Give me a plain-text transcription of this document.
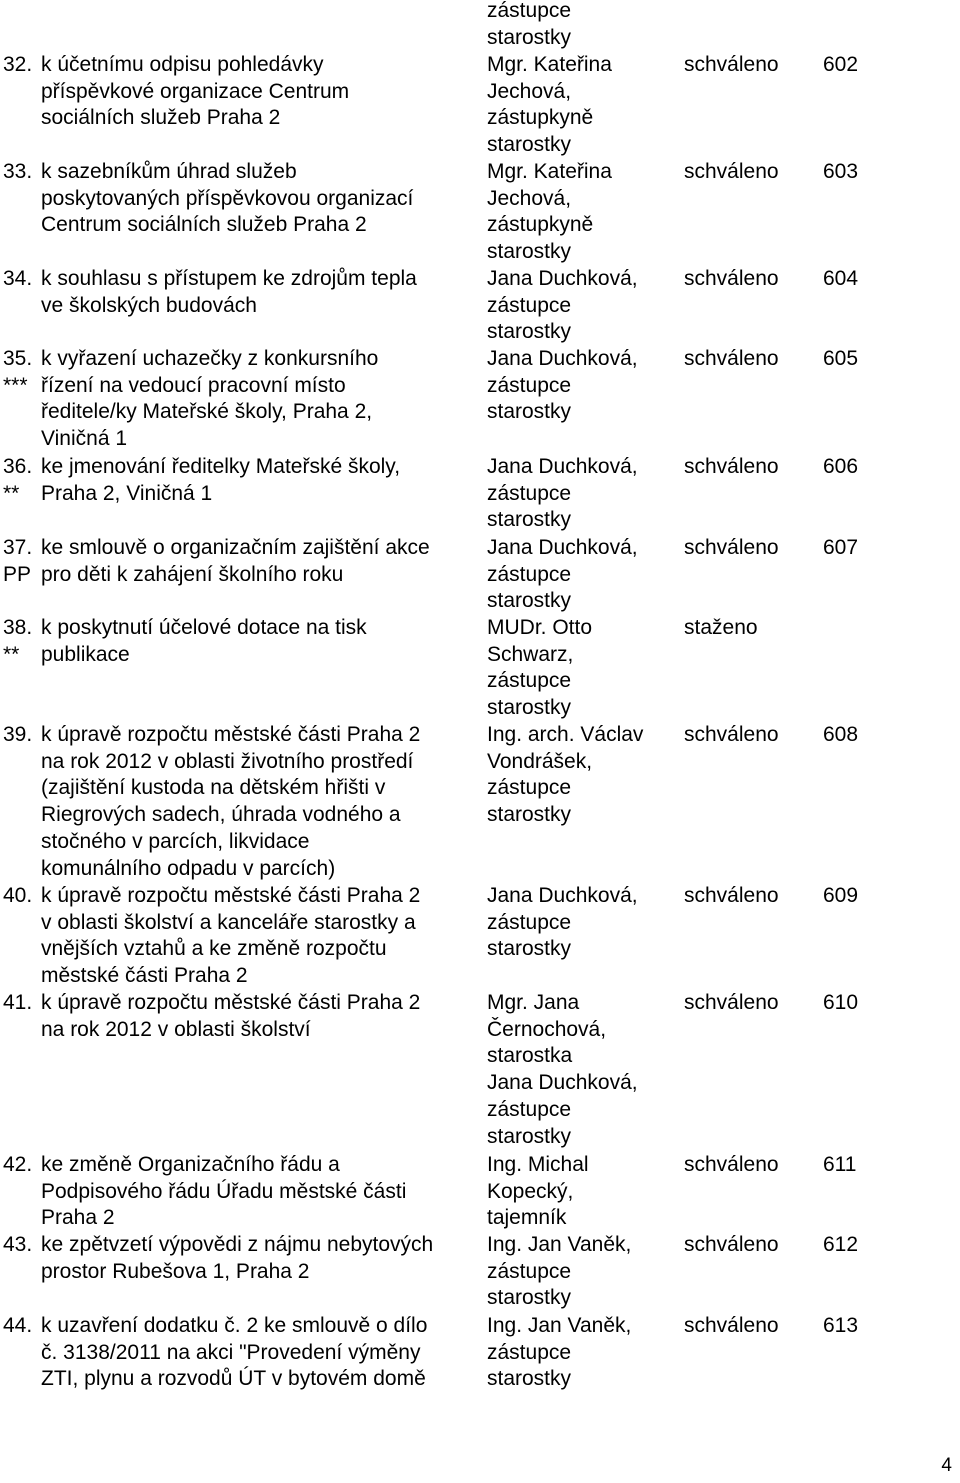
zástupce
starostky
32. k účetnímu odpisu pohledávky
příspěvkové organizace Centrum
sociálních služeb Praha 2
Mgr. Kateřina
Jechová,
zástupkyně
starostky
schváleno 602
33. k sazebníkům úhrad služeb
poskytovaných příspěvkovou organizací
Centrum sociálních služeb Praha 2
Mgr. Kateřina
Jechová,
zástupkyně
starostky
schváleno 603
34. k souhlasu s přístupem ke zdrojům tepla
ve školských budovách
Jana Duchková,
zástupce
starostky
schváleno 604
35.
***
k vyřazení uchazečky z konkursního
řízení na vedoucí pracovní místo
ředitele/ky Mateřské školy, Praha 2,
Viničná 1
Jana Duchková,
zástupce
starostky
schváleno 605
36.
**
ke jmenování ředitelky Mateřské školy,
Praha 2, Viničná 1
Jana Duchková,
zástupce
starostky
schváleno 606
37.
PP
ke smlouvě o organizačním zajištění akce
pro děti k zahájení školního roku
Jana Duchková,
zástupce
starostky
schváleno 607
38.
**
k poskytnutí účelové dotace na tisk
publikace
MUDr. Otto
Schwarz,
zástupce
starostky
staženo
39. k úpravě rozpočtu městské části Praha 2
na rok 2012 v oblasti životního prostředí
(zajištění kustoda na dětském hřišti v
Riegrových sadech, úhrada vodného a
stočného v parcích, likvidace
komunálního odpadu v parcích)
Ing. arch. Václav
Vondrášek,
zástupce
starostky
schváleno 608
40. k úpravě rozpočtu městské části Praha 2
v oblasti školství a kanceláře starostky a
vnějších vztahů a ke změně rozpočtu
městské části Praha 2
Jana Duchková,
zástupce
starostky
schváleno 609
41. k úpravě rozpočtu městské části Praha 2
na rok 2012 v oblasti školství
Mgr. Jana
Černochová,
starostka
Jana Duchková,
zástupce
starostky
schváleno 610
42. ke změně Organizačního řádu a
Podpisového řádu Úřadu městské části
Praha 2
Ing. Michal
Kopecký,
tajemník
schváleno 611
43. ke zpětvzetí výpovědi z nájmu nebytových
prostor Rubešova 1, Praha 2
Ing. Jan Vaněk,
zástupce
starostky
schváleno 612
44. k uzavření dodatku č. 2 ke smlouvě o dílo
č. 3138/2011 na akci "Provedení výměny
ZTI, plynu a rozvodů ÚT v bytovém domě
Ing. Jan Vaněk,
zástupce
starostky
schváleno 613
4
